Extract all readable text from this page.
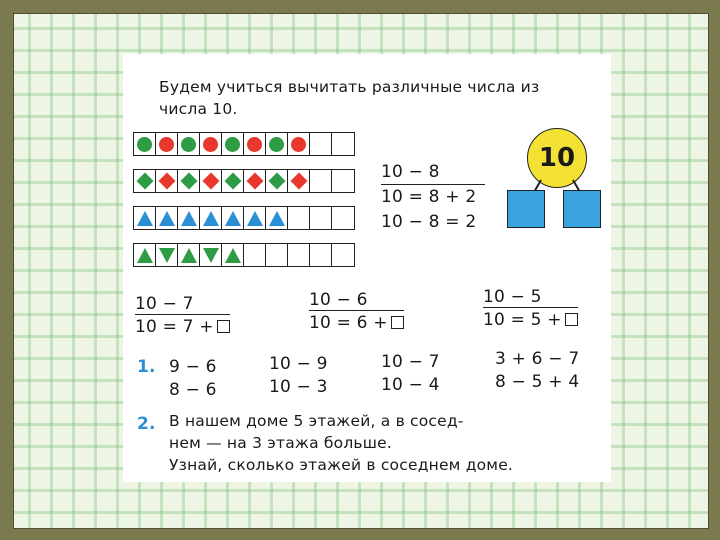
Будем учиться вычитать различные числа из
числа 10.
10 − 8
10 = 8 + 2
10 − 8 = 2
10
10 − 7
10 = 7 +
10 − 6
10 = 6 +
10 − 5
10 = 5 +
1. 9 − 6
8 − 6
10 − 9
10 − 3
10 − 7
10 − 4
3 + 6 − 7
8 − 5 + 4
2. В нашем доме 5 этажей, а в сосед-
нем — на 3 этажа больше.
Узнай, сколько этажей в соседнем доме.
